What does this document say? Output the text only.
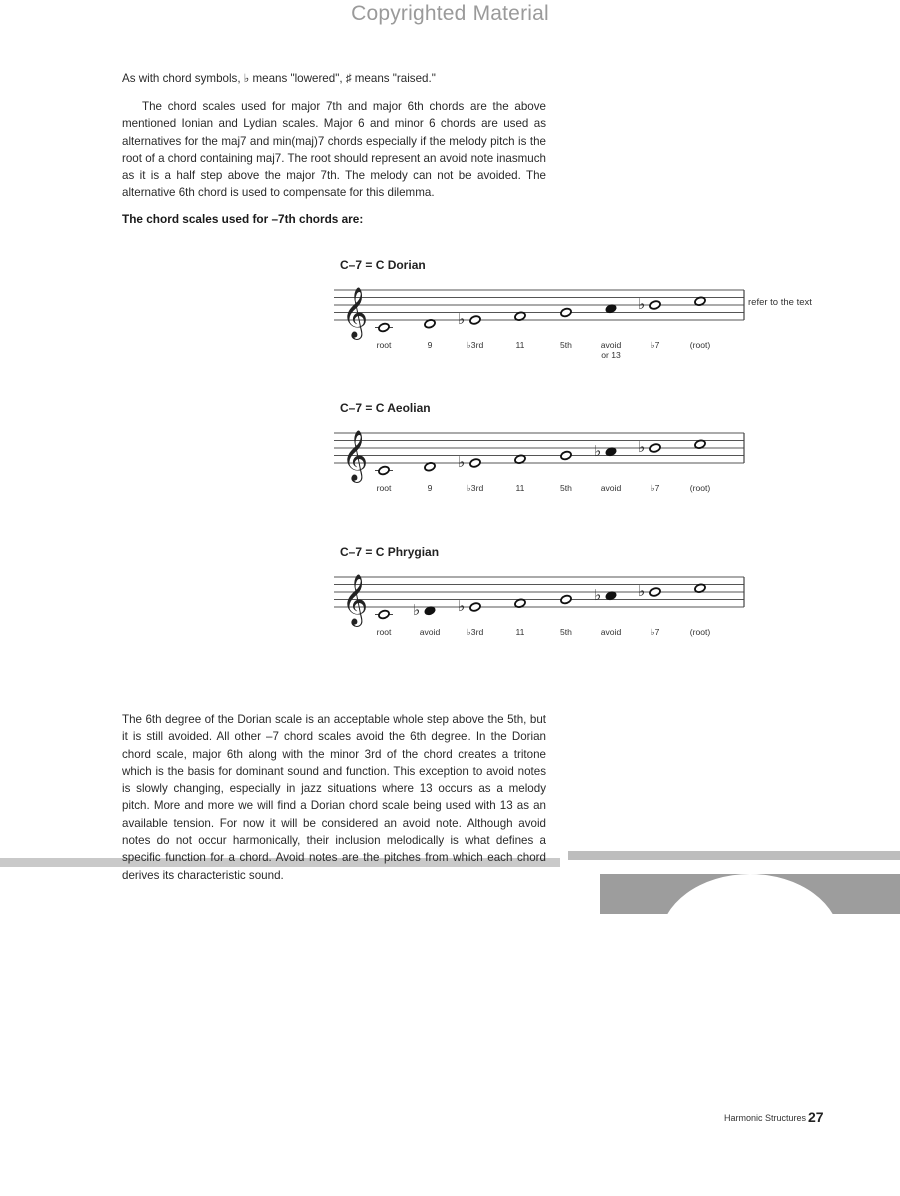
Copyrighted Material

As with chord symbols, ♭ means "lowered", ♯ means "raised."

The chord scales used for major 7th and major 6th chords are the above mentioned Ionian and Lydian scales. Major 6 and minor 6 chords are used as alternatives for the maj7 and min(maj)7 chords especially if the melody pitch is the root of a chord containing maj7. The root should represent an avoid note inasmuch as it is a half step above the major 7th. The melody can not be avoided. The alternative 6th chord is used to compensate for this dilemma.

The chord scales used for –7th chords are:

C–7 = C Dorian
𝄞
root	9
♭
♭3rd	11	5th	avoid
or 13
♭
♭7	(root)
refer to the text
C–7 = C Aeolian
𝄞
root	9
♭
♭3rd	11	5th
♭
avoid
♭
♭7	(root)
C–7 = C Phrygian
𝄞
root
♭
avoid
♭
♭3rd	11	5th
♭
avoid
♭
♭7	(root)

The 6th degree of the Dorian scale is an acceptable whole step above the 5th, but it is still avoided. All other –7 chord scales avoid the 6th degree. In the Dorian chord scale, major 6th along with the minor 3rd of the chord creates a tritone which is the basis for dominant sound and function. This exception to avoid notes is slowly changing, especially in jazz situations where 13 occurs as a melody pitch. More and more we will find a Dorian chord scale being used with 13 as an available tension. For now it will be considered an avoid note. Although avoid notes do not occur harmonically, their inclusion melodically is what defines a specific function for a chord. Avoid notes are the pitches from which each chord derives its characteristic sound.

Harmonic Structures 27
